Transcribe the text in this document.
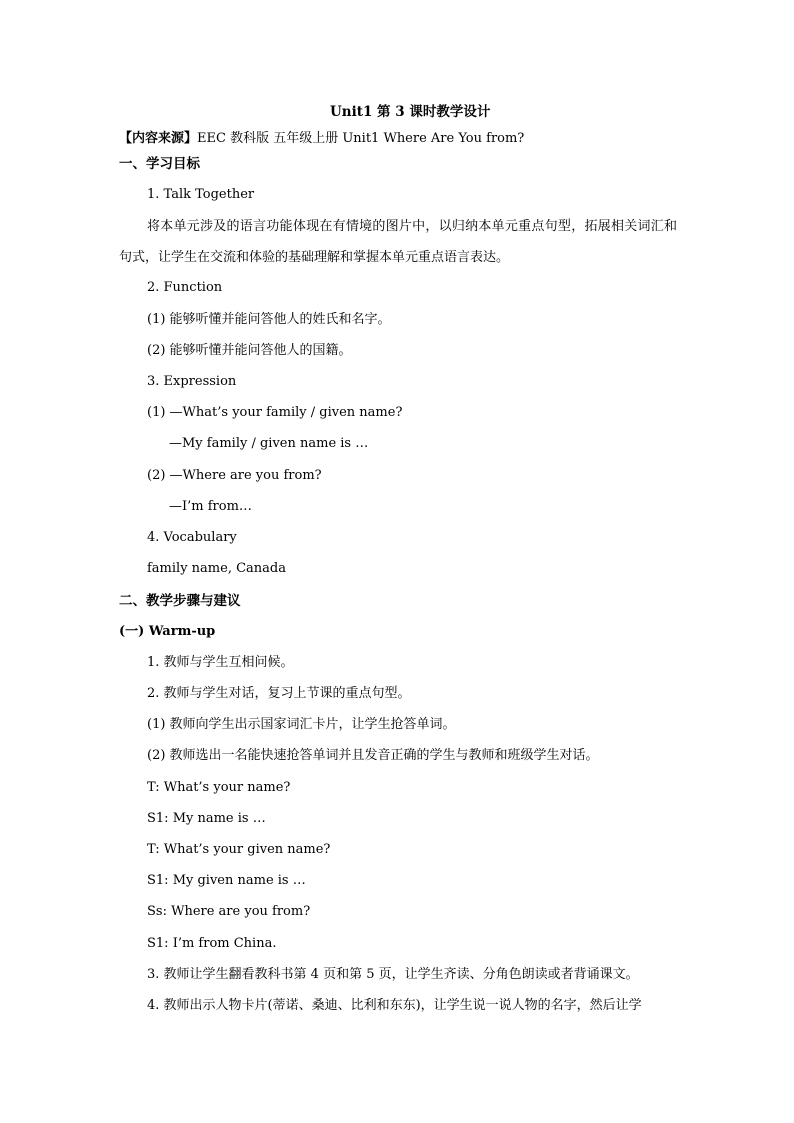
Unit1 第 3 课时教学设计
【内容来源】EEC 教科版 五年级上册 Unit1 Where Are You from?
一、学习目标
1. Talk Together
将本单元涉及的语言功能体现在有情境的图片中，以归纳本单元重点句型，拓展相关词汇和句式，让学生在交流和体验的基础理解和掌握本单元重点语言表达。
2. Function
(1) 能够听懂并能问答他人的姓氏和名字。
(2) 能够听懂并能问答他人的国籍。
3. Expression
(1) —What’s your family / given name?
—My family / given name is …
(2) —Where are you from?
—I’m from…
4. Vocabulary
family name, Canada
二、教学步骤与建议
(一) Warm-up
1. 教师与学生互相问候。
2. 教师与学生对话，复习上节课的重点句型。
(1) 教师向学生出示国家词汇卡片，让学生抢答单词。
(2) 教师选出一名能快速抢答单词并且发音正确的学生与教师和班级学生对话。
T: What’s your name?
S1: My name is …
T: What’s your given name?
S1: My given name is …
Ss: Where are you from?
S1: I’m from China.
3. 教师让学生翻看教科书第 4 页和第 5 页，让学生齐读、分角色朗读或者背诵课文。
4. 教师出示人物卡片(蒂诺、桑迪、比利和东东)，让学生说一说人物的名字，然后让学
